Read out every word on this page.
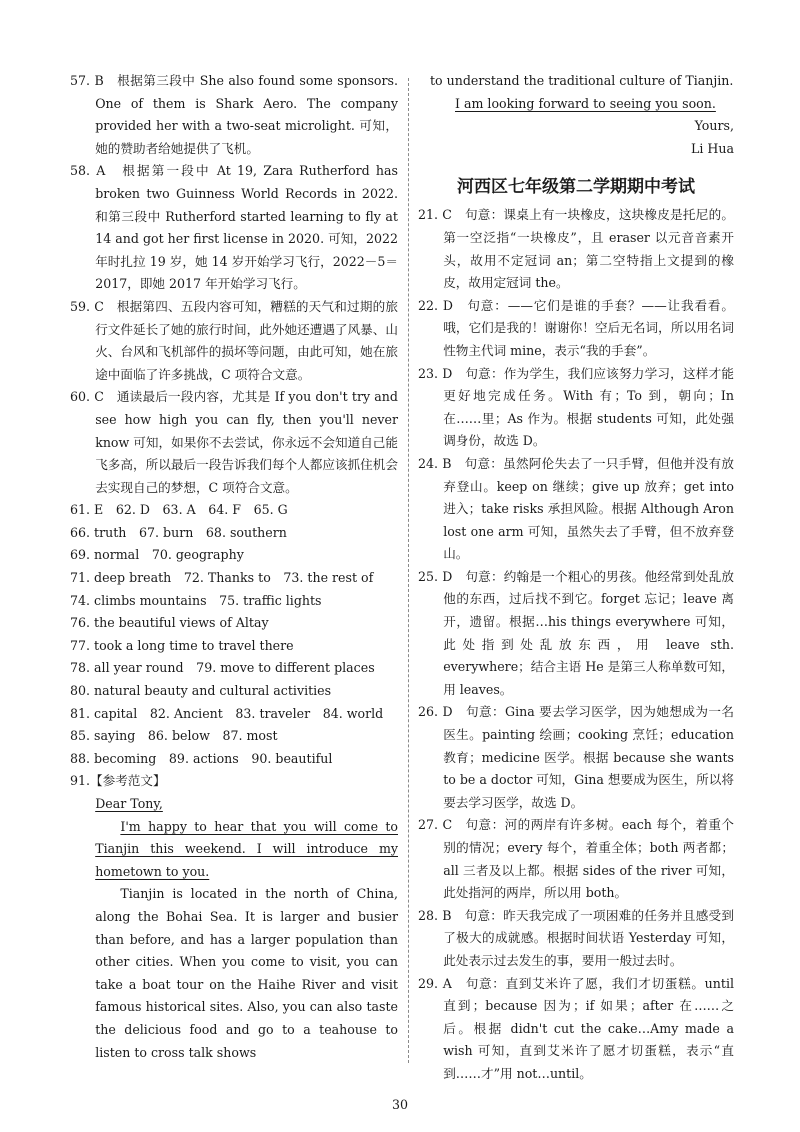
57. B　根据第三段中 She also found some sponsors. One of them is Shark Aero. The company provided her with a two-seat microlight. 可知，她的赞助者给她提供了飞机。
58. A　根据第一段中 At 19, Zara Rutherford has broken two Guinness World Records in 2022. 和第三段中 Rutherford started learning to fly at 14 and got her first license in 2020. 可知，2022 年时扎拉 19 岁，她 14 岁开始学习飞行，2022－5＝2017，即她 2017 年开始学习飞行。
59. C　根据第四、五段内容可知，糟糕的天气和过期的旅行文件延长了她的旅行时间，此外她还遭遇了风暴、山火、台风和飞机部件的损坏等问题，由此可知，她在旅途中面临了许多挑战，C 项符合文意。
60. C　通读最后一段内容，尤其是 If you don't try and see how high you can fly, then you'll never know 可知，如果你不去尝试，你永远不会知道自己能飞多高，所以最后一段告诉我们每个人都应该抓住机会去实现自己的梦想，C 项符合文意。
61. E　62. D　63. A　64. F　65. G
66. truth　67. burn　68. southern
69. normal　70. geography
71. deep breath　72. Thanks to　73. the rest of
74. climbs mountains　75. traffic lights
76. the beautiful views of Altay
77. took a long time to travel there
78. all year round　79. move to different places
80. natural beauty and cultural activities
81. capital　82. Ancient　83. traveler　84. world
85. saying　86. below　87. most
88. becoming　89. actions　90. beautiful
91.【参考范文】
Dear Tony,
I'm happy to hear that you will come to Tianjin this weekend. I will introduce my hometown to you.
Tianjin is located in the north of China, along the Bohai Sea. It is larger and busier than before, and has a larger population than other cities. When you come to visit, you can take a boat tour on the Haihe River and visit famous historical sites. Also, you can also taste the delicious food and go to a teahouse to listen to cross talk shows
to understand the traditional culture of Tianjin.
I am looking forward to seeing you soon.
Yours,
Li Hua
河西区七年级第二学期期中考试
21. C　句意：课桌上有一块橡皮，这块橡皮是托尼的。第一空泛指“一块橡皮”，且 eraser 以元音音素开头，故用不定冠词 an；第二空特指上文提到的橡皮，故用定冠词 the。
22. D　句意：——它们是谁的手套？——让我看看。哦，它们是我的！谢谢你！空后无名词，所以用名词性物主代词 mine，表示“我的手套”。
23. D　句意：作为学生，我们应该努力学习，这样才能更好地完成任务。With 有；To 到，朝向；In 在……里；As 作为。根据 students 可知，此处强调身份，故选 D。
24. B　句意：虽然阿伦失去了一只手臂，但他并没有放弃登山。keep on 继续；give up 放弃；get into 进入；take risks 承担风险。根据 Although Aron lost one arm 可知，虽然失去了手臂，但不放弃登山。
25. D　句意：约翰是一个粗心的男孩。他经常到处乱放他的东西，过后找不到它。forget 忘记；leave 离开，遗留。根据…his things everywhere 可知，此处指到处乱放东西，用 leave sth. everywhere；结合主语 He 是第三人称单数可知，用 leaves。
26. D　句意：Gina 要去学习医学，因为她想成为一名医生。painting 绘画；cooking 烹饪；education 教育；medicine 医学。根据 because she wants to be a doctor 可知，Gina 想要成为医生，所以将要去学习医学，故选 D。
27. C　句意：河的两岸有许多树。each 每个，着重个别的情况；every 每个，着重全体；both 两者都；all 三者及以上都。根据 sides of the river 可知，此处指河的两岸，所以用 both。
28. B　句意：昨天我完成了一项困难的任务并且感受到了极大的成就感。根据时间状语 Yesterday 可知，此处表示过去发生的事，要用一般过去时。
29. A　句意：直到艾米许了愿，我们才切蛋糕。until 直到；because 因为；if 如果；after 在……之后。根据 didn't cut the cake…Amy made a wish 可知，直到艾米许了愿才切蛋糕，表示“直到……才”用 not…until。
30
